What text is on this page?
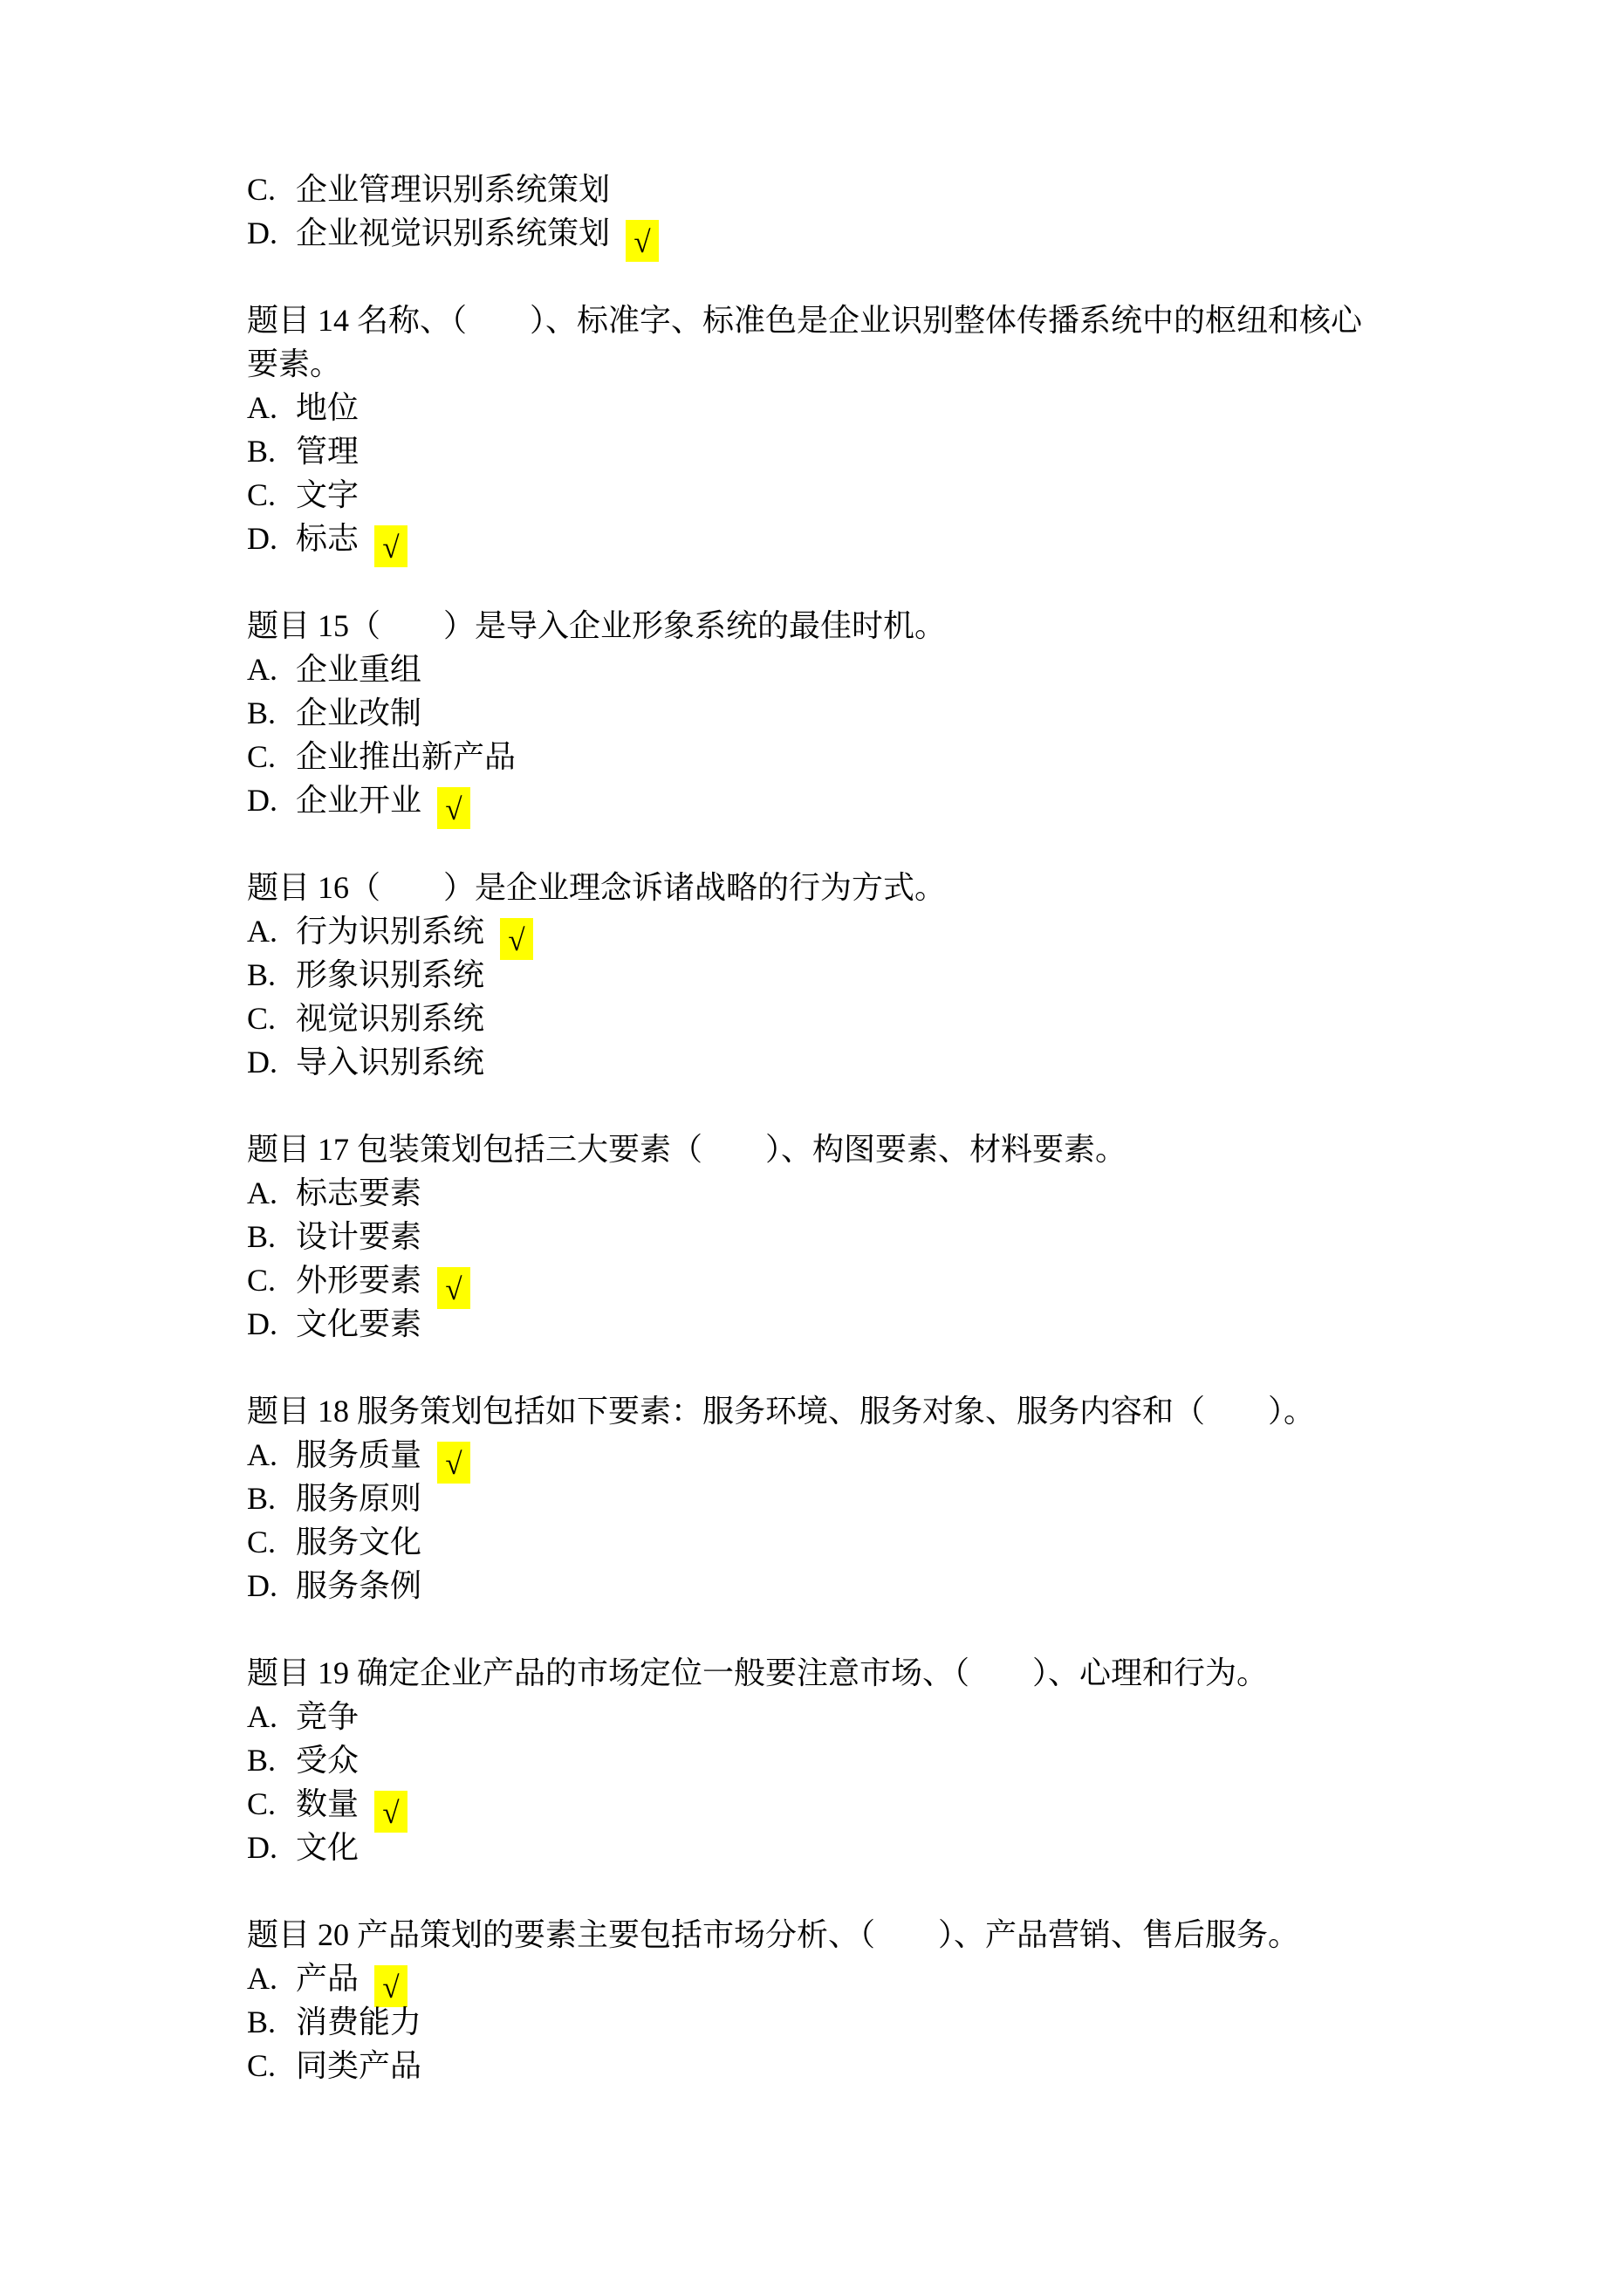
C. 企业管理识别系统策划
D. 企业视觉识别系统策划 √
题目 14 名称、（　　）、标准字、标准色是企业识别整体传播系统中的枢纽和核心
要素。
A. 地位
B. 管理
C. 文字
D. 标志 √
题目 15（　　）是导入企业形象系统的最佳时机。
A. 企业重组
B. 企业改制
C. 企业推出新产品
D. 企业开业 √
题目 16（　　）是企业理念诉诸战略的行为方式。
A. 行为识别系统 √
B. 形象识别系统
C. 视觉识别系统
D. 导入识别系统
题目 17 包装策划包括三大要素（　　）、构图要素、材料要素。
A. 标志要素
B. 设计要素
C. 外形要素 √
D. 文化要素
题目 18 服务策划包括如下要素：服务环境、服务对象、服务内容和（　　）。
A. 服务质量 √
B. 服务原则
C. 服务文化
D. 服务条例
题目 19 确定企业产品的市场定位一般要注意市场、（　　）、心理和行为。
A. 竞争
B. 受众
C. 数量 √
D. 文化
题目 20 产品策划的要素主要包括市场分析、（　　）、产品营销、售后服务。
A. 产品 √
B. 消费能力
C. 同类产品
